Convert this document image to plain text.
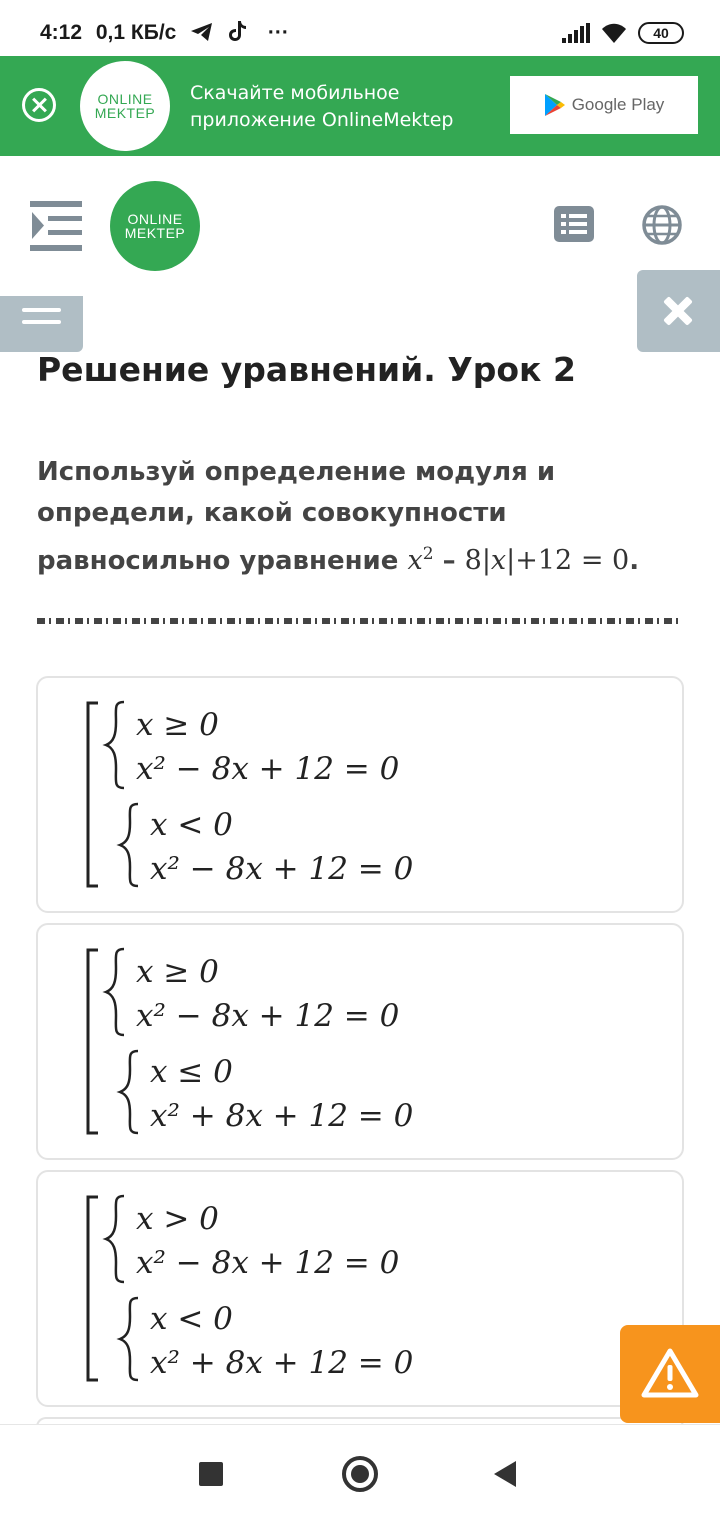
4:12 0,1 КБ/с	···	40
ONLINE
MEKTEP
Скачайте мобильное приложение OnlineMektep
Google Play
ONLINE
MEKTEP
Решение уравнений. Урок 2
Используй определение модуля и определи, какой совокупности равносильно уравнение $x^2 - 8|x|+12 = 0$.
x ≥ 0
x² − 8x + 12 = 0
x < 0
x² − 8x + 12 = 0
x ≥ 0
x² − 8x + 12 = 0
x ≤ 0
x² + 8x + 12 = 0
x > 0
x² − 8x + 12 = 0
x < 0
x² + 8x + 12 = 0
